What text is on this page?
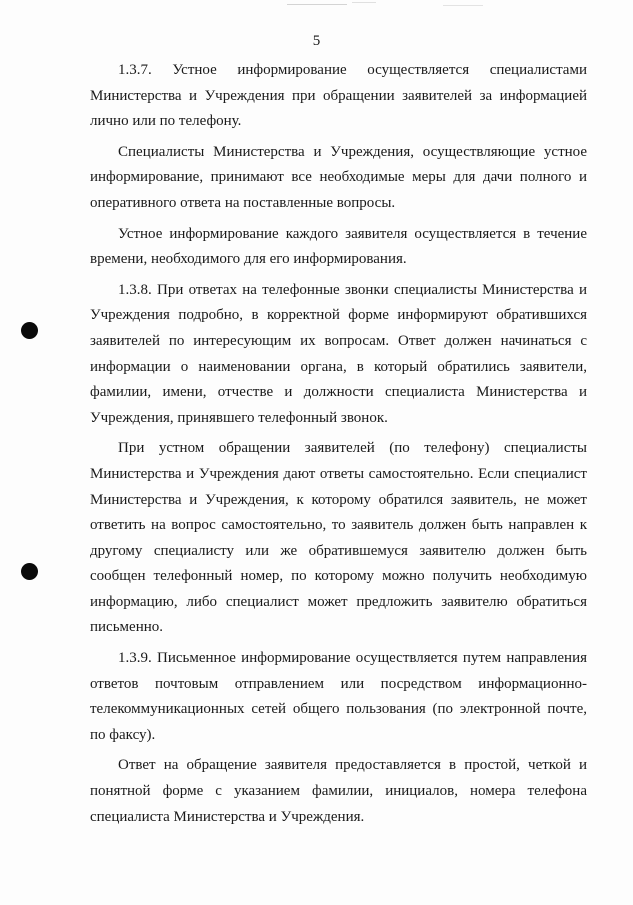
5

1.3.7. Устное информирование осуществляется специалистами Министерства и Учреждения при обращении заявителей за информацией лично или по телефону.

Специалисты Министерства и Учреждения, осуществляющие устное информирование, принимают все необходимые меры для дачи полного и оперативного ответа на поставленные вопросы.

Устное информирование каждого заявителя осуществляется в течение времени, необходимого для его информирования.

1.3.8. При ответах на телефонные звонки специалисты Министерства и Учреждения подробно, в корректной форме информируют обратившихся заявителей по интересующим их вопросам. Ответ должен начинаться с информации о наименовании органа, в который обратились заявители, фамилии, имени, отчестве и должности специалиста Министерства и Учреждения, принявшего телефонный звонок.

При устном обращении заявителей (по телефону) специалисты Министерства и Учреждения дают ответы самостоятельно. Если специалист Министерства и Учреждения, к которому обратился заявитель, не может ответить на вопрос самостоятельно, то заявитель должен быть направлен к другому специалисту или же обратившемуся заявителю должен быть сообщен телефонный номер, по которому можно получить необходимую информацию, либо специалист может предложить заявителю обратиться письменно.

1.3.9. Письменное информирование осуществляется путем направления ответов почтовым отправлением или посредством информационно-телекоммуникационных сетей общего пользования (по электронной почте, по факсу).

Ответ на обращение заявителя предоставляется в простой, четкой и понятной форме с указанием фамилии, инициалов, номера телефона специалиста Министерства и Учреждения.
